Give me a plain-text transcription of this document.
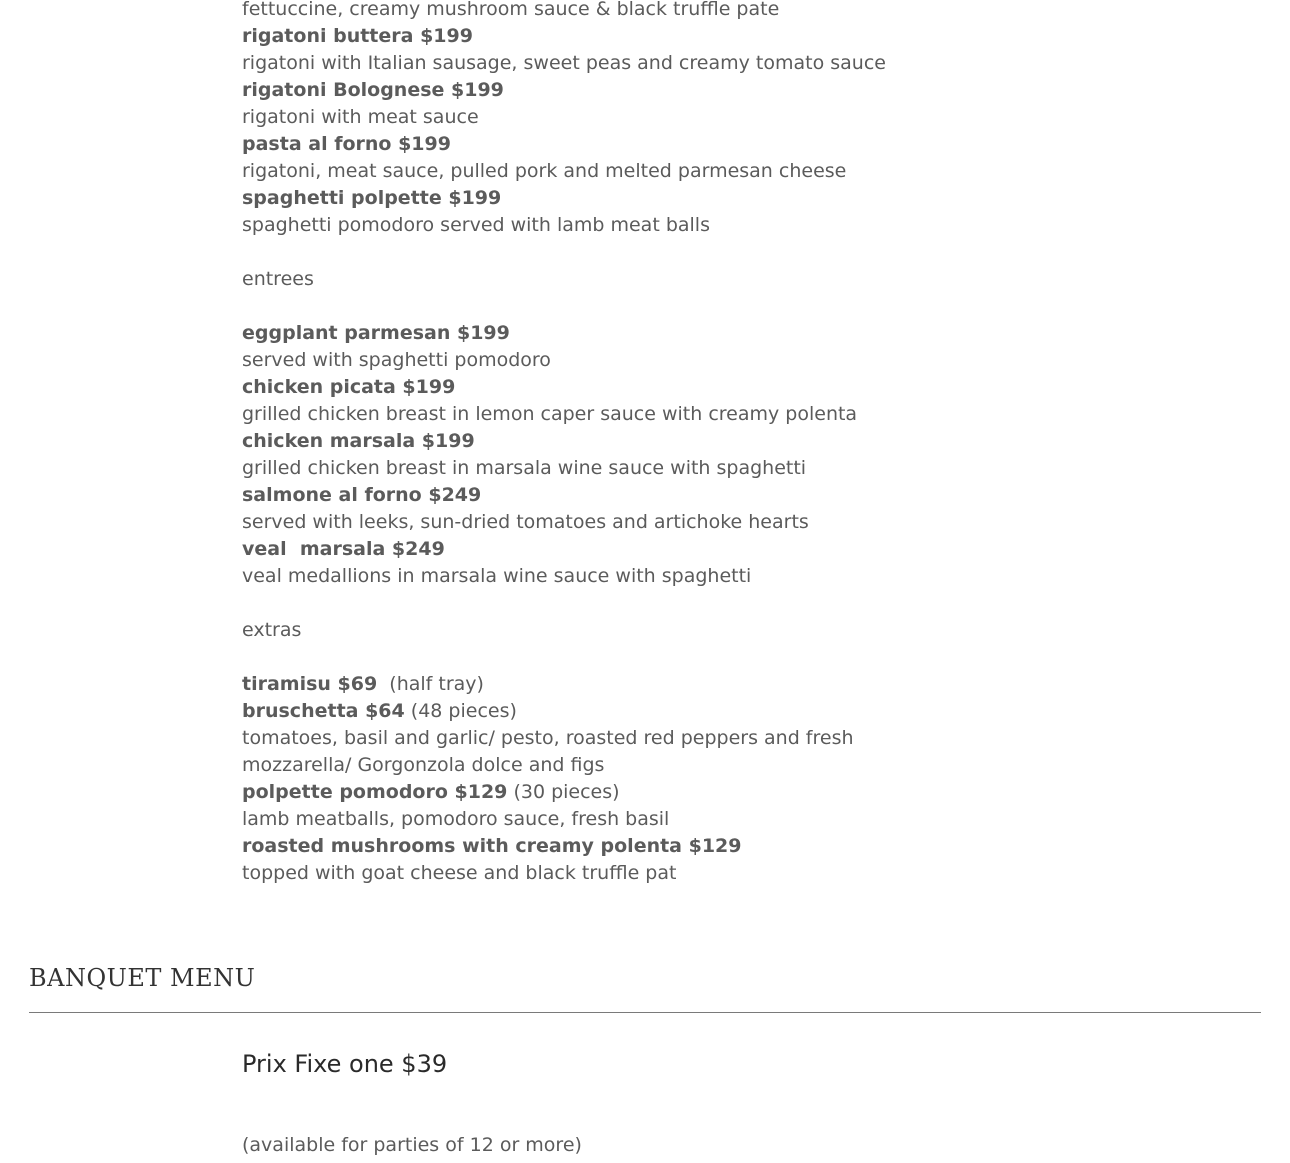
fettuccine, creamy mushroom sauce & black truffle pate
rigatoni buttera $199
rigatoni with Italian sausage, sweet peas and creamy tomato sauce
rigatoni Bolognese $199
rigatoni with meat sauce
pasta al forno $199
rigatoni, meat sauce, pulled pork and melted parmesan cheese
spaghetti polpette $199
spaghetti pomodoro served with lamb meat balls
entrees
eggplant parmesan $199
served with spaghetti pomodoro
chicken picata $199
grilled chicken breast in lemon caper sauce with creamy polenta
chicken marsala $199
grilled chicken breast in marsala wine sauce with spaghetti
salmone al forno $249
served with leeks, sun-dried tomatoes and artichoke hearts
veal  marsala $249
veal medallions in marsala wine sauce with spaghetti
extras
tiramisu $69  (half tray)
bruschetta $64 (48 pieces)
tomatoes, basil and garlic/ pesto, roasted red peppers and fresh mozzarella/ Gorgonzola dolce and figs
polpette pomodoro $129 (30 pieces)
lamb meatballs, pomodoro sauce, fresh basil
roasted mushrooms with creamy polenta $129
topped with goat cheese and black truffle pat
BANQUET MENU
Prix Fixe one $39
(available for parties of 12 or more)
